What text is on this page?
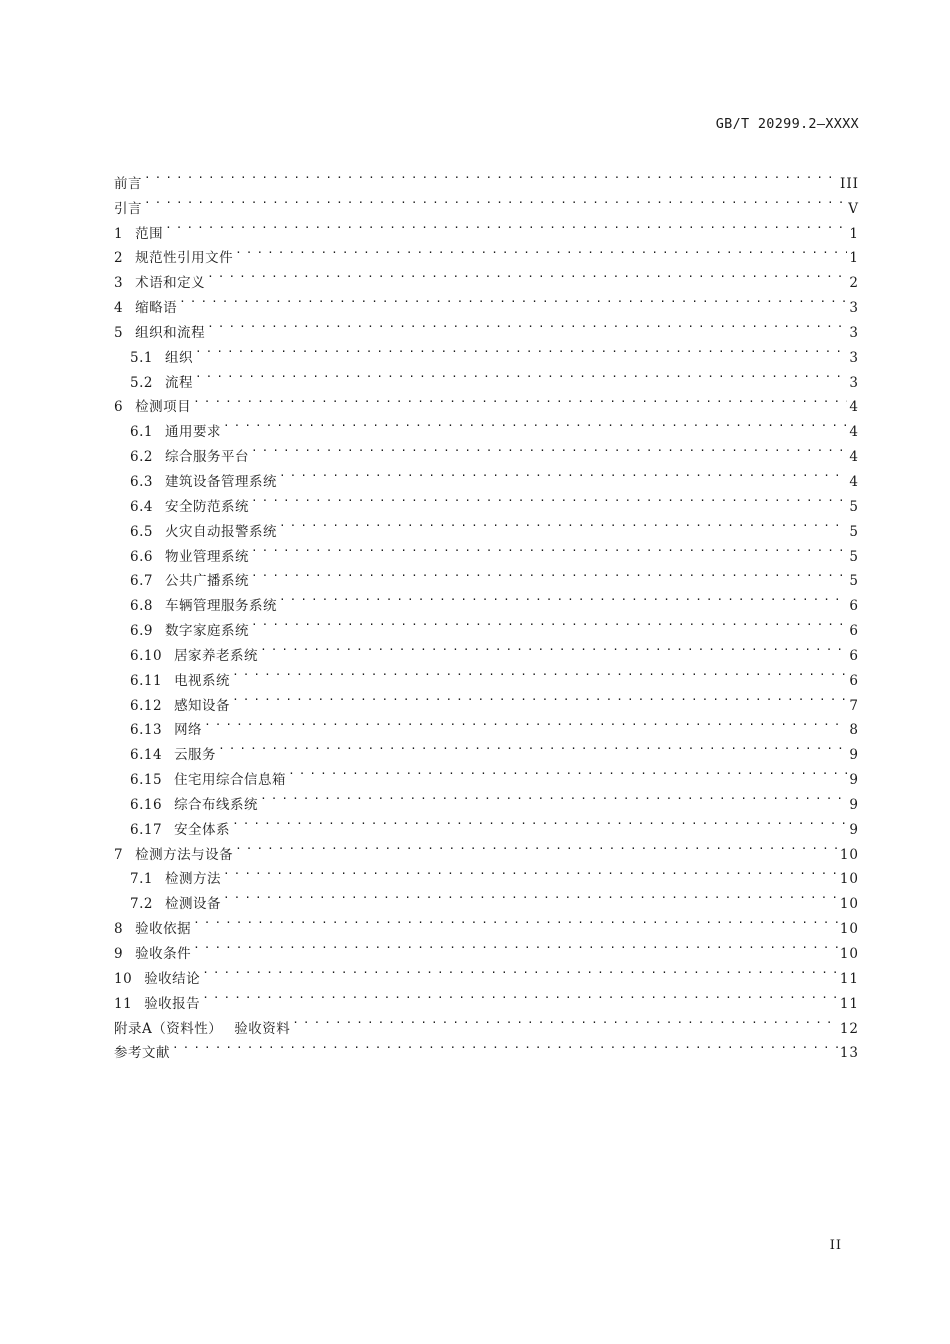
GB/T 20299.2—XXXX
前言 .....	III
引言 .....	V
1 范围 .....	1
2 规范性引用文件 .....	1
3 术语和定义 .....	2
4 缩略语 .....	3
5 组织和流程 .....	3
5.1 组织 .....	3
5.2 流程 .....	3
6 检测项目 .....	4
6.1 通用要求 .....	4
6.2 综合服务平台 .....	4
6.3 建筑设备管理系统 .....	4
6.4 安全防范系统 .....	5
6.5 火灾自动报警系统 .....	5
6.6 物业管理系统 .....	5
6.7 公共广播系统 .....	5
6.8 车辆管理服务系统 .....	6
6.9 数字家庭系统 .....	6
6.10 居家养老系统 .....	6
6.11 电视系统 .....	6
6.12 感知设备 .....	7
6.13 网络 .....	8
6.14 云服务 .....	9
6.15 住宅用综合信息箱 .....	9
6.16 综合布线系统 .....	9
6.17 安全体系 .....	9
7 检测方法与设备 .....	10
7.1 检测方法 .....	10
7.2 检测设备 .....	10
8 验收依据 .....	10
9 验收条件 .....	10
10 验收结论 .....	11
11 验收报告 .....	11
附录A（资料性） 验收资料 .....	12
参考文献 .....	13
II
